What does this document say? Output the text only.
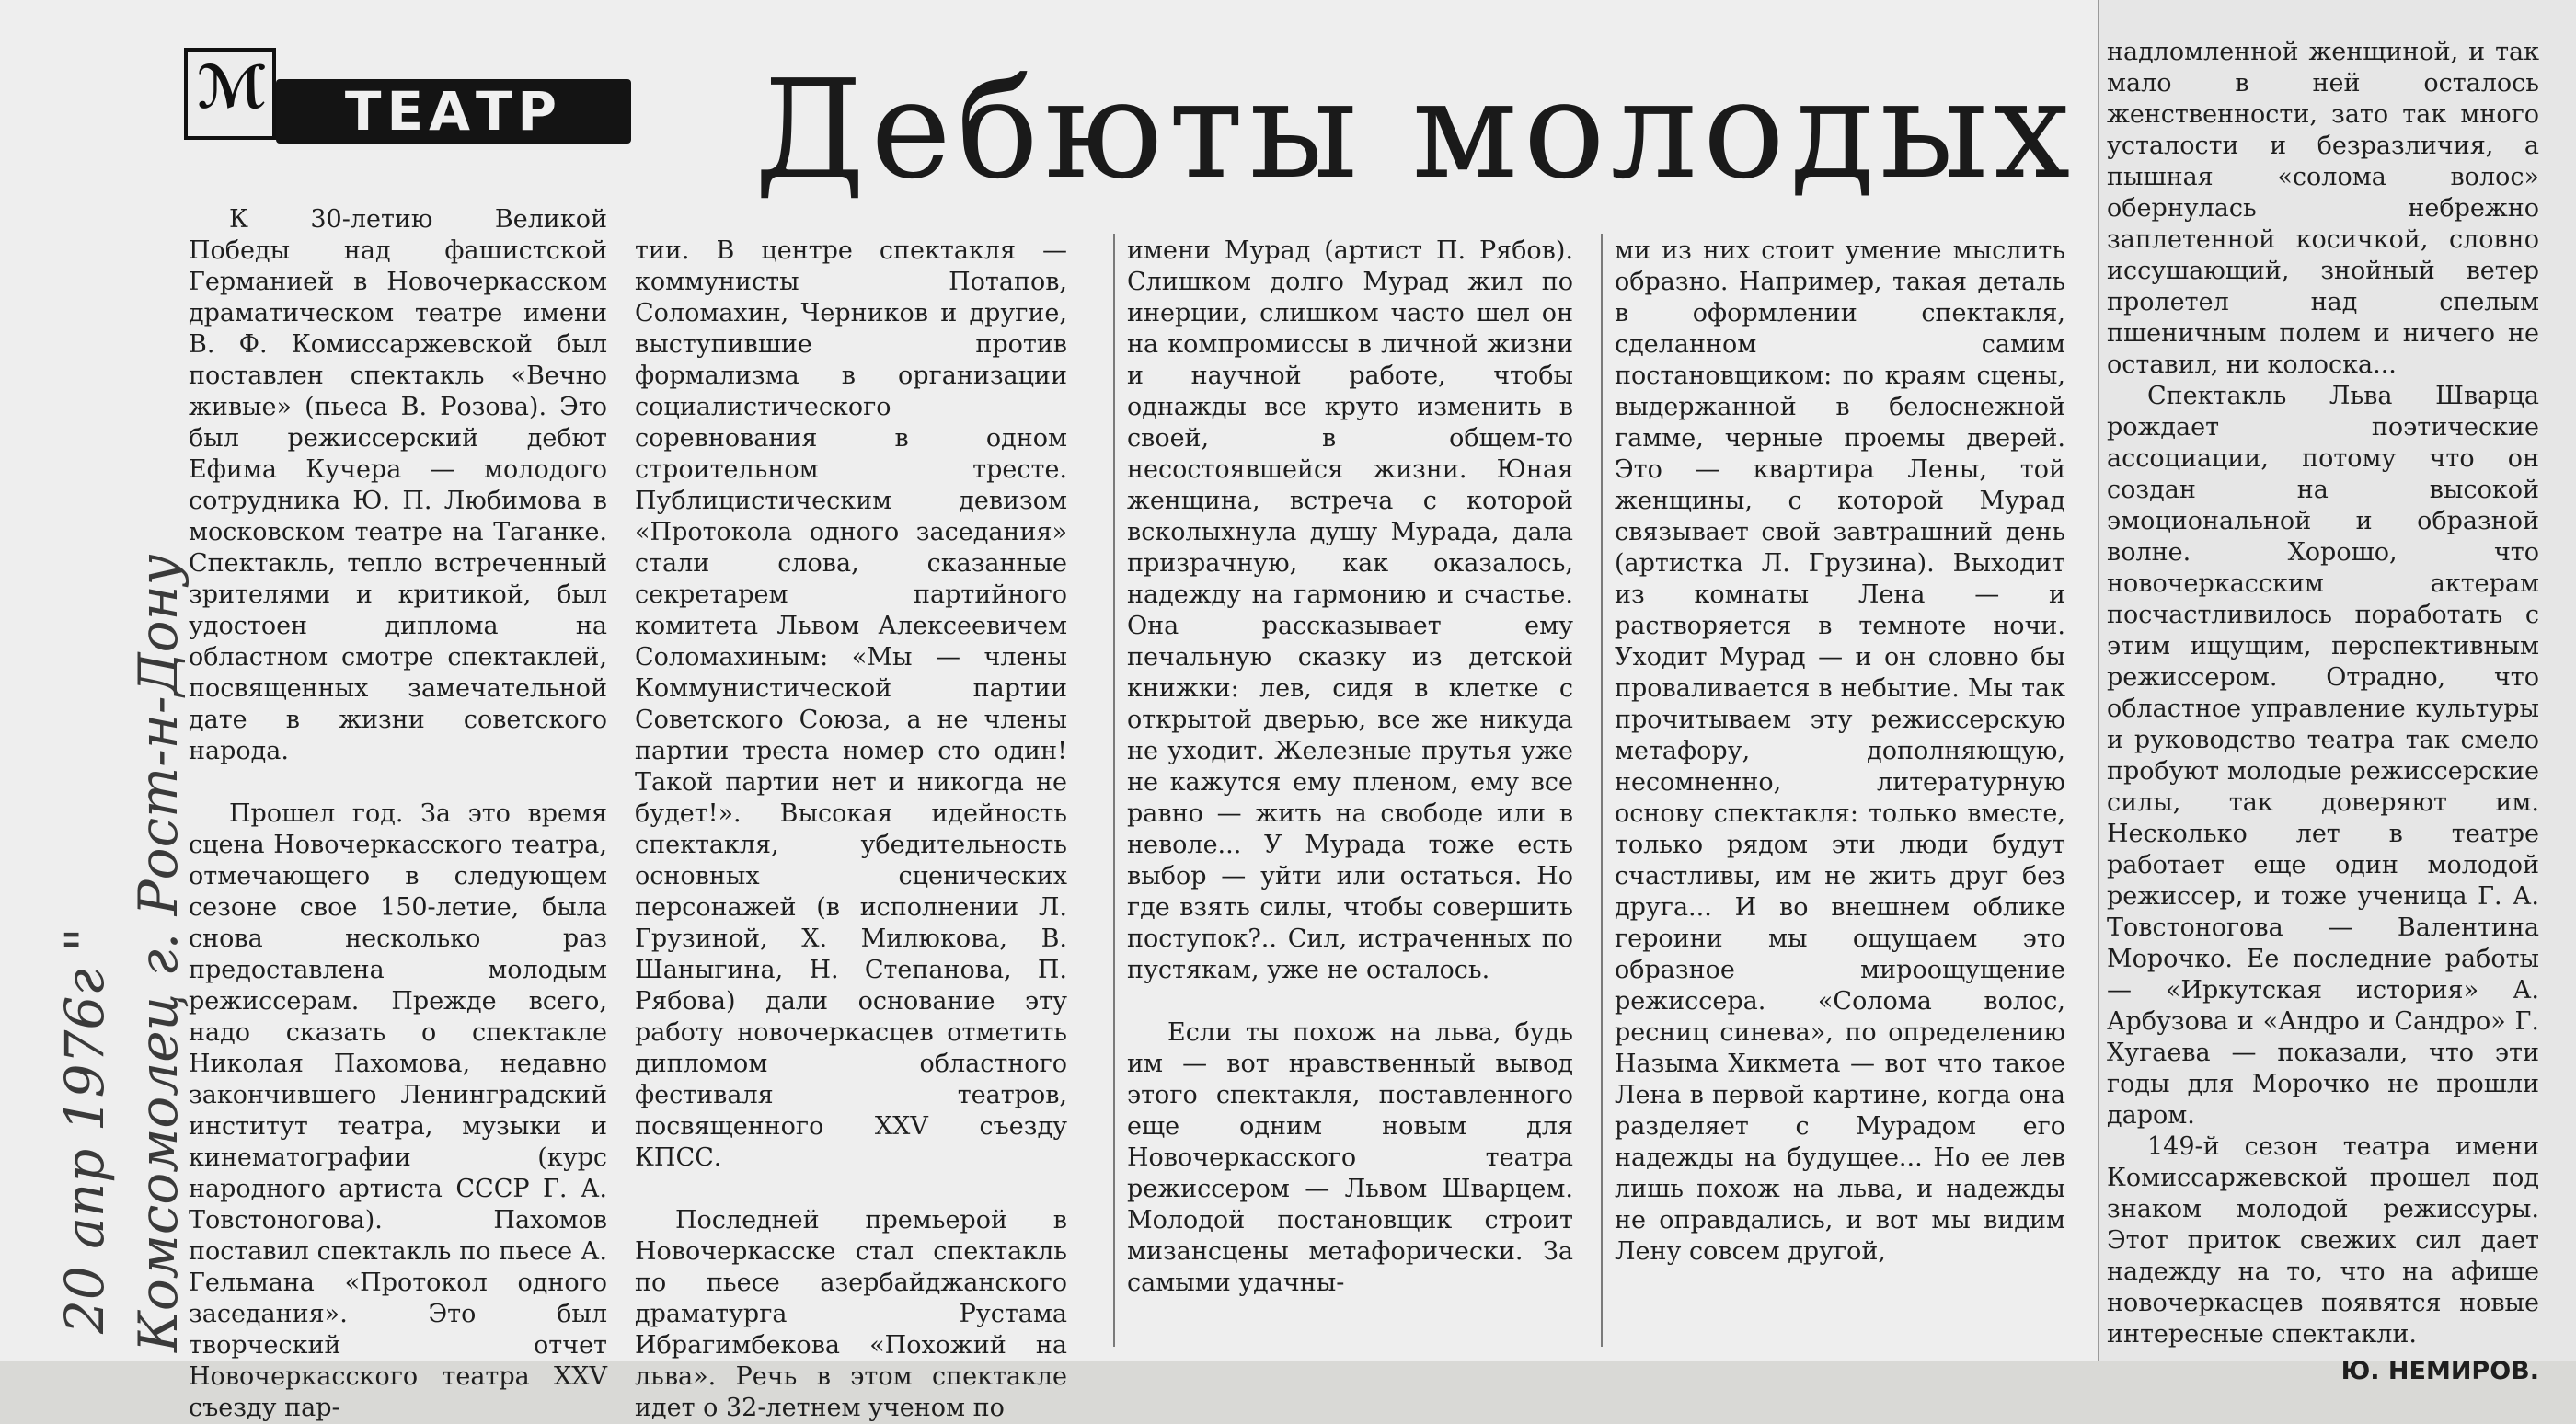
20 апр 1976г " Комсомолец г. Рост-н-Дону
ℳ	ТЕАТР	Дебюты молодых

К 30-летию Великой Победы над фашистской Германией в Новочеркасском драматическом театре имени В. Ф. Комиссаржевской был поставлен спектакль «Вечно живые» (пьеса В. Розова). Это был режиссерский дебют Ефима Кучера — молодого сотрудника Ю. П. Любимова в московском театре на Таганке. Спектакль, тепло встреченный зрителями и критикой, был удостоен диплома на областном смотре спектаклей, посвященных замечательной дате в жизни советского народа.

Прошел год. За это время сцена Новочеркасского театра, отмечающего в следующем сезоне свое 150-летие, была снова несколько раз предоставлена молодым режиссерам. Прежде всего, надо сказать о спектакле Николая Пахомова, недавно закончившего Ленинградский институт театра, музыки и кинематографии (курс народного артиста СССР Г. А. Товстоногова). Пахомов поставил спектакль по пьесе А. Гельмана «Протокол одного заседания». Это был творческий отчет Новочеркасского театра XXV съезду пар-

тии. В центре спектакля — коммунисты Потапов, Соломахин, Черников и другие, выступившие против формализма в организации социалистического соревнования в одном строительном тресте. Публицистическим девизом «Протокола одного заседания» стали слова, сказанные секретарем партийного комитета Львом Алексеевичем Соломахиным: «Мы — члены Коммунистической партии Советского Союза, а не члены партии треста номер сто один! Такой партии нет и никогда не будет!». Высокая идейность спектакля, убедительность основных сценических персонажей (в исполнении Л. Грузиной, Х. Милюкова, В. Шаныгина, Н. Степанова, П. Рябова) дали основание эту работу новочеркасцев отметить дипломом областного фестиваля театров, посвященного XXV съезду КПСС.

Последней премьерой в Новочеркасске стал спектакль по пьесе азербайджанского драматурга Рустама Ибрагимбекова «Похожий на льва». Речь в этом спектакле идет о 32-летнем ученом по

имени Мурад (артист П. Рябов). Слишком долго Мурад жил по инерции, слишком часто шел он на компромиссы в личной жизни и научной работе, чтобы однажды все круто изменить в своей, в общем-то несостоявшейся жизни. Юная женщина, встреча с которой всколыхнула душу Мурада, дала призрачную, как оказалось, надежду на гармонию и счастье. Она рассказывает ему печальную сказку из детской книжки: лев, сидя в клетке с открытой дверью, все же никуда не уходит. Железные прутья уже не кажутся ему пленом, ему все равно — жить на свободе или в неволе... У Мурада тоже есть выбор — уйти или остаться. Но где взять силы, чтобы совершить поступок?.. Сил, истраченных по пустякам, уже не осталось.

Если ты похож на льва, будь им — вот нравственный вывод этого спектакля, поставленного еще одним новым для Новочеркасского театра режиссером — Львом Шварцем. Молодой постановщик строит мизансцены метафорически. За самыми удачны-

ми из них стоит умение мыслить образно. Например, такая деталь в оформлении спектакля, сделанном самим постановщиком: по краям сцены, выдержанной в белоснежной гамме, черные проемы дверей. Это — квартира Лены, той женщины, с которой Мурад связывает свой завтрашний день (артистка Л. Грузина). Выходит из комнаты Лена — и растворяется в темноте ночи. Уходит Мурад — и он словно бы проваливается в небытие. Мы так прочитываем эту режиссерскую метафору, дополняющую, несомненно, литературную основу спектакля: только вместе, только рядом эти люди будут счастливы, им не жить друг без друга... И во внешнем облике героини мы ощущаем это образное мироощущение режиссера. «Солома волос, ресниц синева», по определению Назыма Хикмета — вот что такое Лена в первой картине, когда она разделяет с Мурадом его надежды на будущее... Но ее лев лишь похож на льва, и надежды не оправдались, и вот мы видим Лену совсем другой,

надломленной женщиной, и так мало в ней осталось женственности, зато так много усталости и безразличия, а пышная «солома волос» обернулась небрежно заплетенной косичкой, словно иссушающий, знойный ветер пролетел над спелым пшеничным полем и ничего не оставил, ни колоска...

Спектакль Льва Шварца рождает поэтические ассоциации, потому что он создан на высокой эмоциональной и образной волне. Хорошо, что новочеркасским актерам посчастливилось поработать с этим ищущим, перспективным режиссером. Отрадно, что областное управление культуры и руководство театра так смело пробуют молодые режиссерские силы, так доверяют им. Несколько лет в театре работает еще один молодой режиссер, и тоже ученица Г. А. Товстоногова — Валентина Морочко. Ее последние работы — «Иркутская история» А. Арбузова и «Андро и Сандро» Г. Хугаева — показали, что эти годы для Морочко не прошли даром.

149-й сезон театра имени Комиссаржевской прошел под знаком молодой режиссуры. Этот приток свежих сил дает надежду на то, что на афише новочеркасцев появятся новые интересные спектакли.

Ю. НЕМИРОВ.
